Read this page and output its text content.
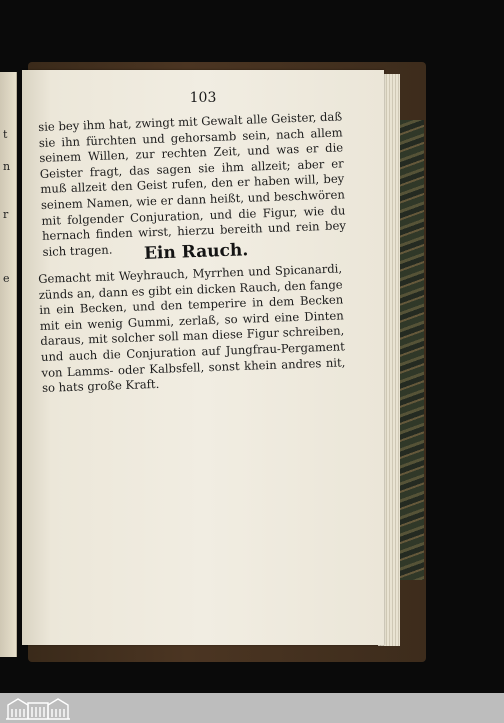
t
n
r
e
103

sie bey ihm hat, zwingt mit Gewalt alle Geister, daß sie ihn fürchten und gehorsamb sein, nach allem seinem Willen, zur rechten Zeit, und was er die Geister fragt, das sagen sie ihm allzeit; aber er muß allzeit den Geist rufen, den er haben will, bey seinem Namen, wie er dann heißt, und beschwören mit folgender Conjuration, und die Figur, wie du hernach finden wirst, hierzu bereith und rein bey sich tragen.	Ein Rauch.

Gemacht mit Weyhrauch, Myrrhen und Spicanardi, zünds an, dann es gibt ein dicken Rauch, den fange in ein Becken, und den temperire in dem Becken mit ein wenig Gummi, zerlaß, so wird eine Dinten daraus, mit solcher soll man diese Figur schreiben, und auch die Conjuration auf Jungfrau-Pergament von Lamms- oder Kalbsfell, sonst khein andres nit, so hats große Kraft.
